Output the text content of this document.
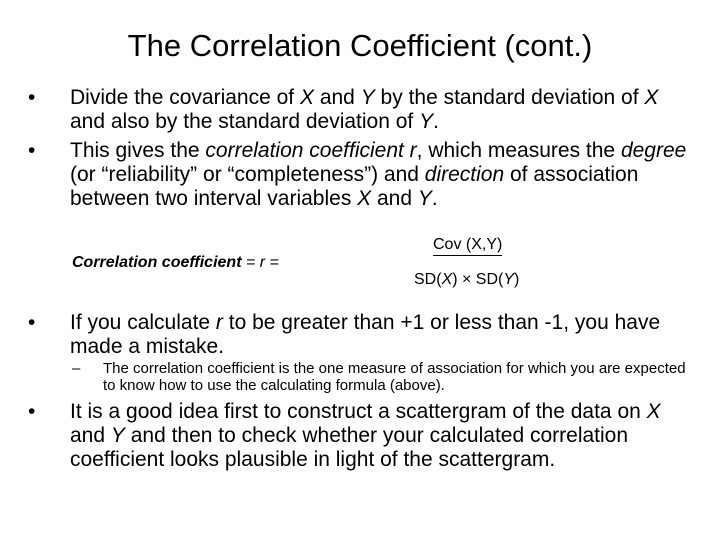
The Correlation Coefficient (cont.)
• Divide the covariance of X and Y by the standard deviation of X and also by the standard deviation of Y.
• This gives the correlation coefficient r, which measures the degree (or “reliability” or “completeness”) and direction of association between two interval variables X and Y.
Correlation coefficient = r =
Cov (X,Y)
SD(X) × SD(Y)
• If you calculate r to be greater than +1 or less than -1, you have made a mistake.
– The correlation coefficient is the one measure of association for which you are expected to know how to use the calculating formula (above).
• It is a good idea first to construct a scattergram of the data on X and Y and then to check whether your calculated correlation coefficient looks plausible in light of the scattergram.
